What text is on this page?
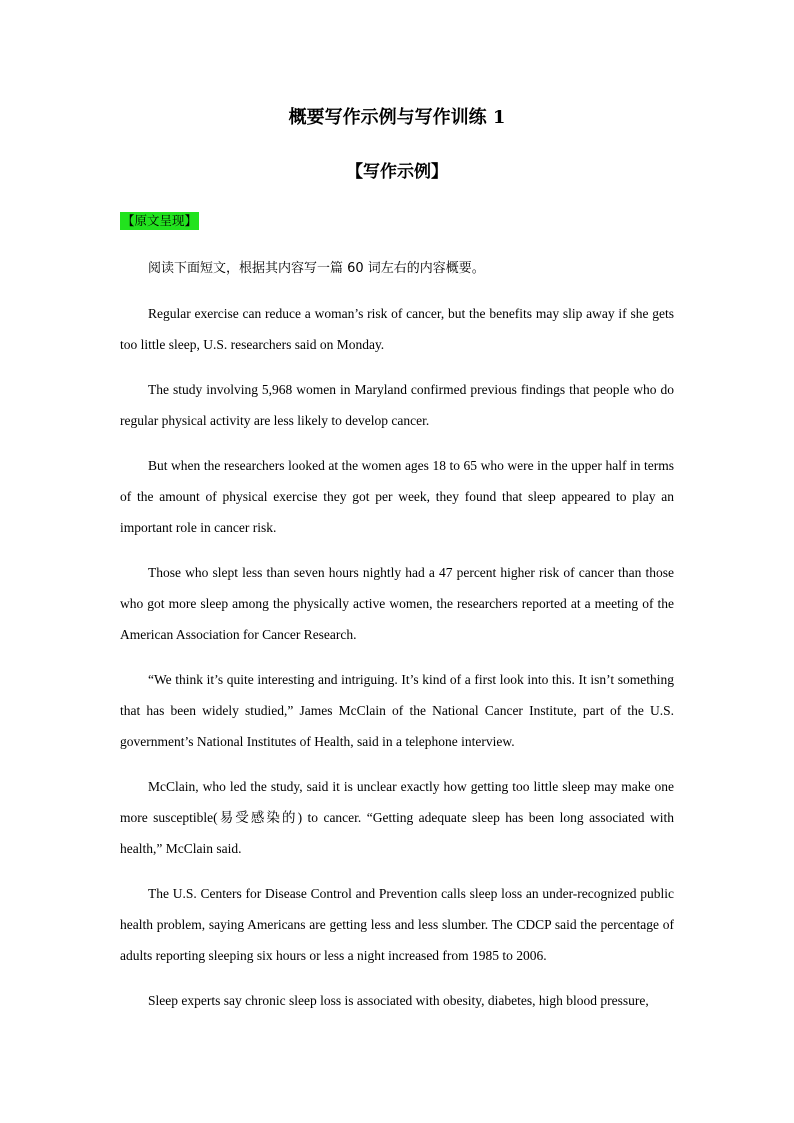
概要写作示例与写作训练 1
【写作示例】
【原文呈现】

阅读下面短文，根据其内容写一篇 60 词左右的内容概要。

Regular exercise can reduce a woman’s risk of cancer, but the benefits may slip away if she gets too little sleep, U.S. researchers said on Monday.

The study involving 5,968 women in Maryland confirmed previous findings that people who do regular physical activity are less likely to develop cancer.

But when the researchers looked at the women ages 18 to 65 who were in the upper half in terms of the amount of physical exercise they got per week, they found that sleep appeared to play an important role in cancer risk.

Those who slept less than seven hours nightly had a 47 percent higher risk of cancer than those who got more sleep among the physically active women, the researchers reported at a meeting of the American Association for Cancer Research.

“We think it’s quite interesting and intriguing. It’s kind of a first look into this. It isn’t something that has been widely studied,” James McClain of the National Cancer Institute, part of the U.S. government’s National Institutes of Health, said in a telephone interview.

McClain, who led the study, said it is unclear exactly how getting too little sleep may make one more susceptible(易受感染的) to cancer. “Getting adequate sleep has been long associated with health,” McClain said.

The U.S. Centers for Disease Control and Prevention calls sleep loss an under-recognized public health problem, saying Americans are getting less and less slumber. The CDCP said the percentage of adults reporting sleeping six hours or less a night increased from 1985 to 2006.

Sleep experts say chronic sleep loss is associated with obesity, diabetes, high blood pressure,
